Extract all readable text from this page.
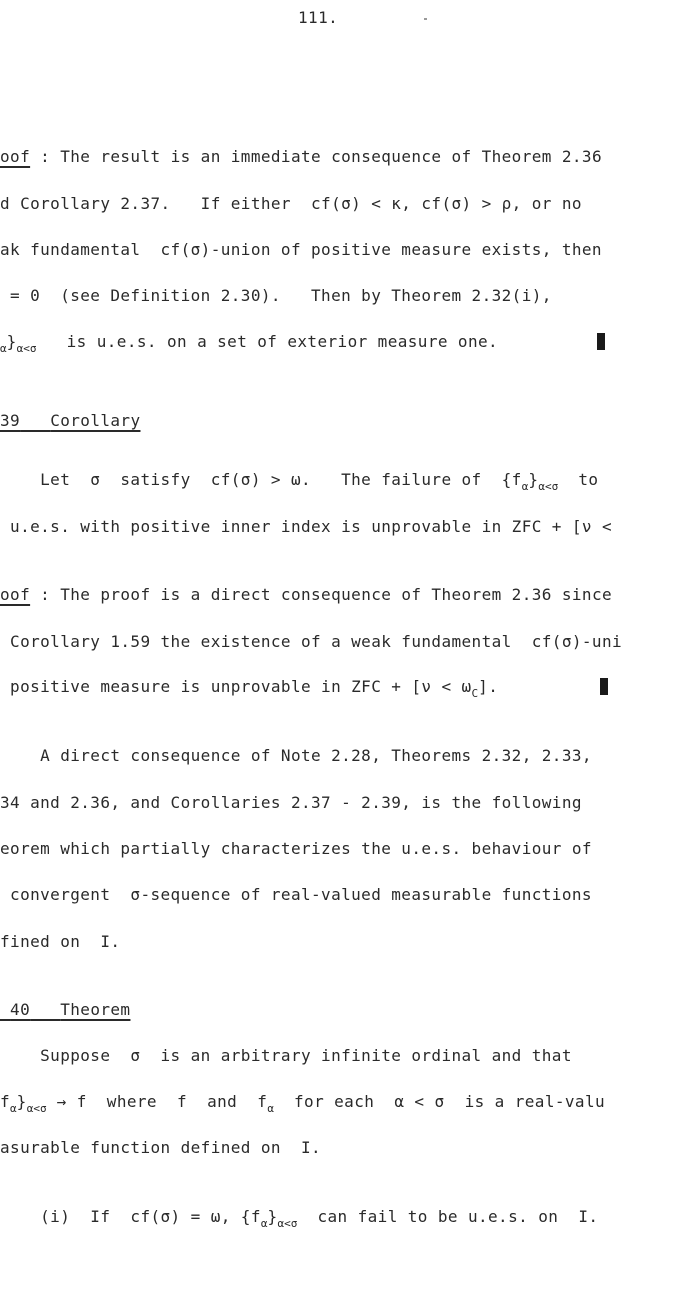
111.
oof : The result is an immediate consequence of Theorem 2.36
d Corollary 2.37.   If either  cf(σ) < κ, cf(σ) > ρ, or no
ak fundamental  cf(σ)-union of positive measure exists, then
= 0  (see Definition 2.30).   Then by Theorem 2.32(i),
$_\alpha\}_{\alpha<\sigma}$   is u.e.s. on a set of exterior measure one.
39 Corollary
Let  σ  satisfy  cf(σ) > ω.   The failure of  $\{f_\alpha\}_{\alpha<\sigma}$  to
u.e.s. with positive inner index is unprovable in ZFC + [ν <
oof : The proof is a direct consequence of Theorem 2.36 since
Corollary 1.59 the existence of a weak fundamental  cf(σ)-uni
positive measure is unprovable in ZFC + $[\nu < \omega_C]$.
A direct consequence of Note 2.28, Theorems 2.32, 2.33,
34 and 2.36, and Corollaries 2.37 - 2.39, is the following
eorem which partially characterizes the u.e.s. behaviour of
convergent  σ-sequence of real-valued measurable functions
fined on  I.
40 Theorem
Suppose  σ  is an arbitrary infinite ordinal and that
$f_\alpha\}_{\alpha<\sigma} \to f$  where  f  and  $f_\alpha$  for each  α < σ  is a real-valu
asurable function defined on  I.
(i)  If  cf(σ) = ω, $\{f_\alpha\}_{\alpha<\sigma}$  can fail to be u.e.s. on  I.
